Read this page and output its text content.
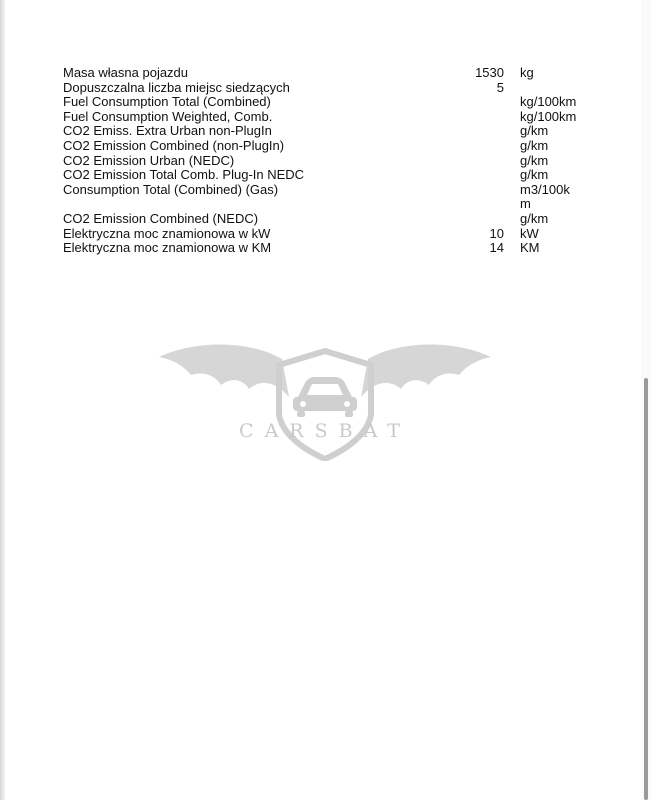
Masa własna pojazdu	1530 kg
Dopuszczalna liczba miejsc siedzących	5
Fuel Consumption Total (Combined)	kg/100km
Fuel Consumption Weighted, Comb.	kg/100km
CO2 Emiss. Extra Urban non-PlugIn	g/km
CO2 Emission Combined (non-PlugIn)	g/km
CO2 Emission Urban (NEDC)	g/km
CO2 Emission Total Comb. Plug-In NEDC	g/km
Consumption Total (Combined) (Gas)	m3/100km
CO2 Emission Combined (NEDC)	g/km
Elektryczna moc znamionowa w kW	10 kW
Elektryczna moc znamionowa w KM	14 KM
CARSBAT
